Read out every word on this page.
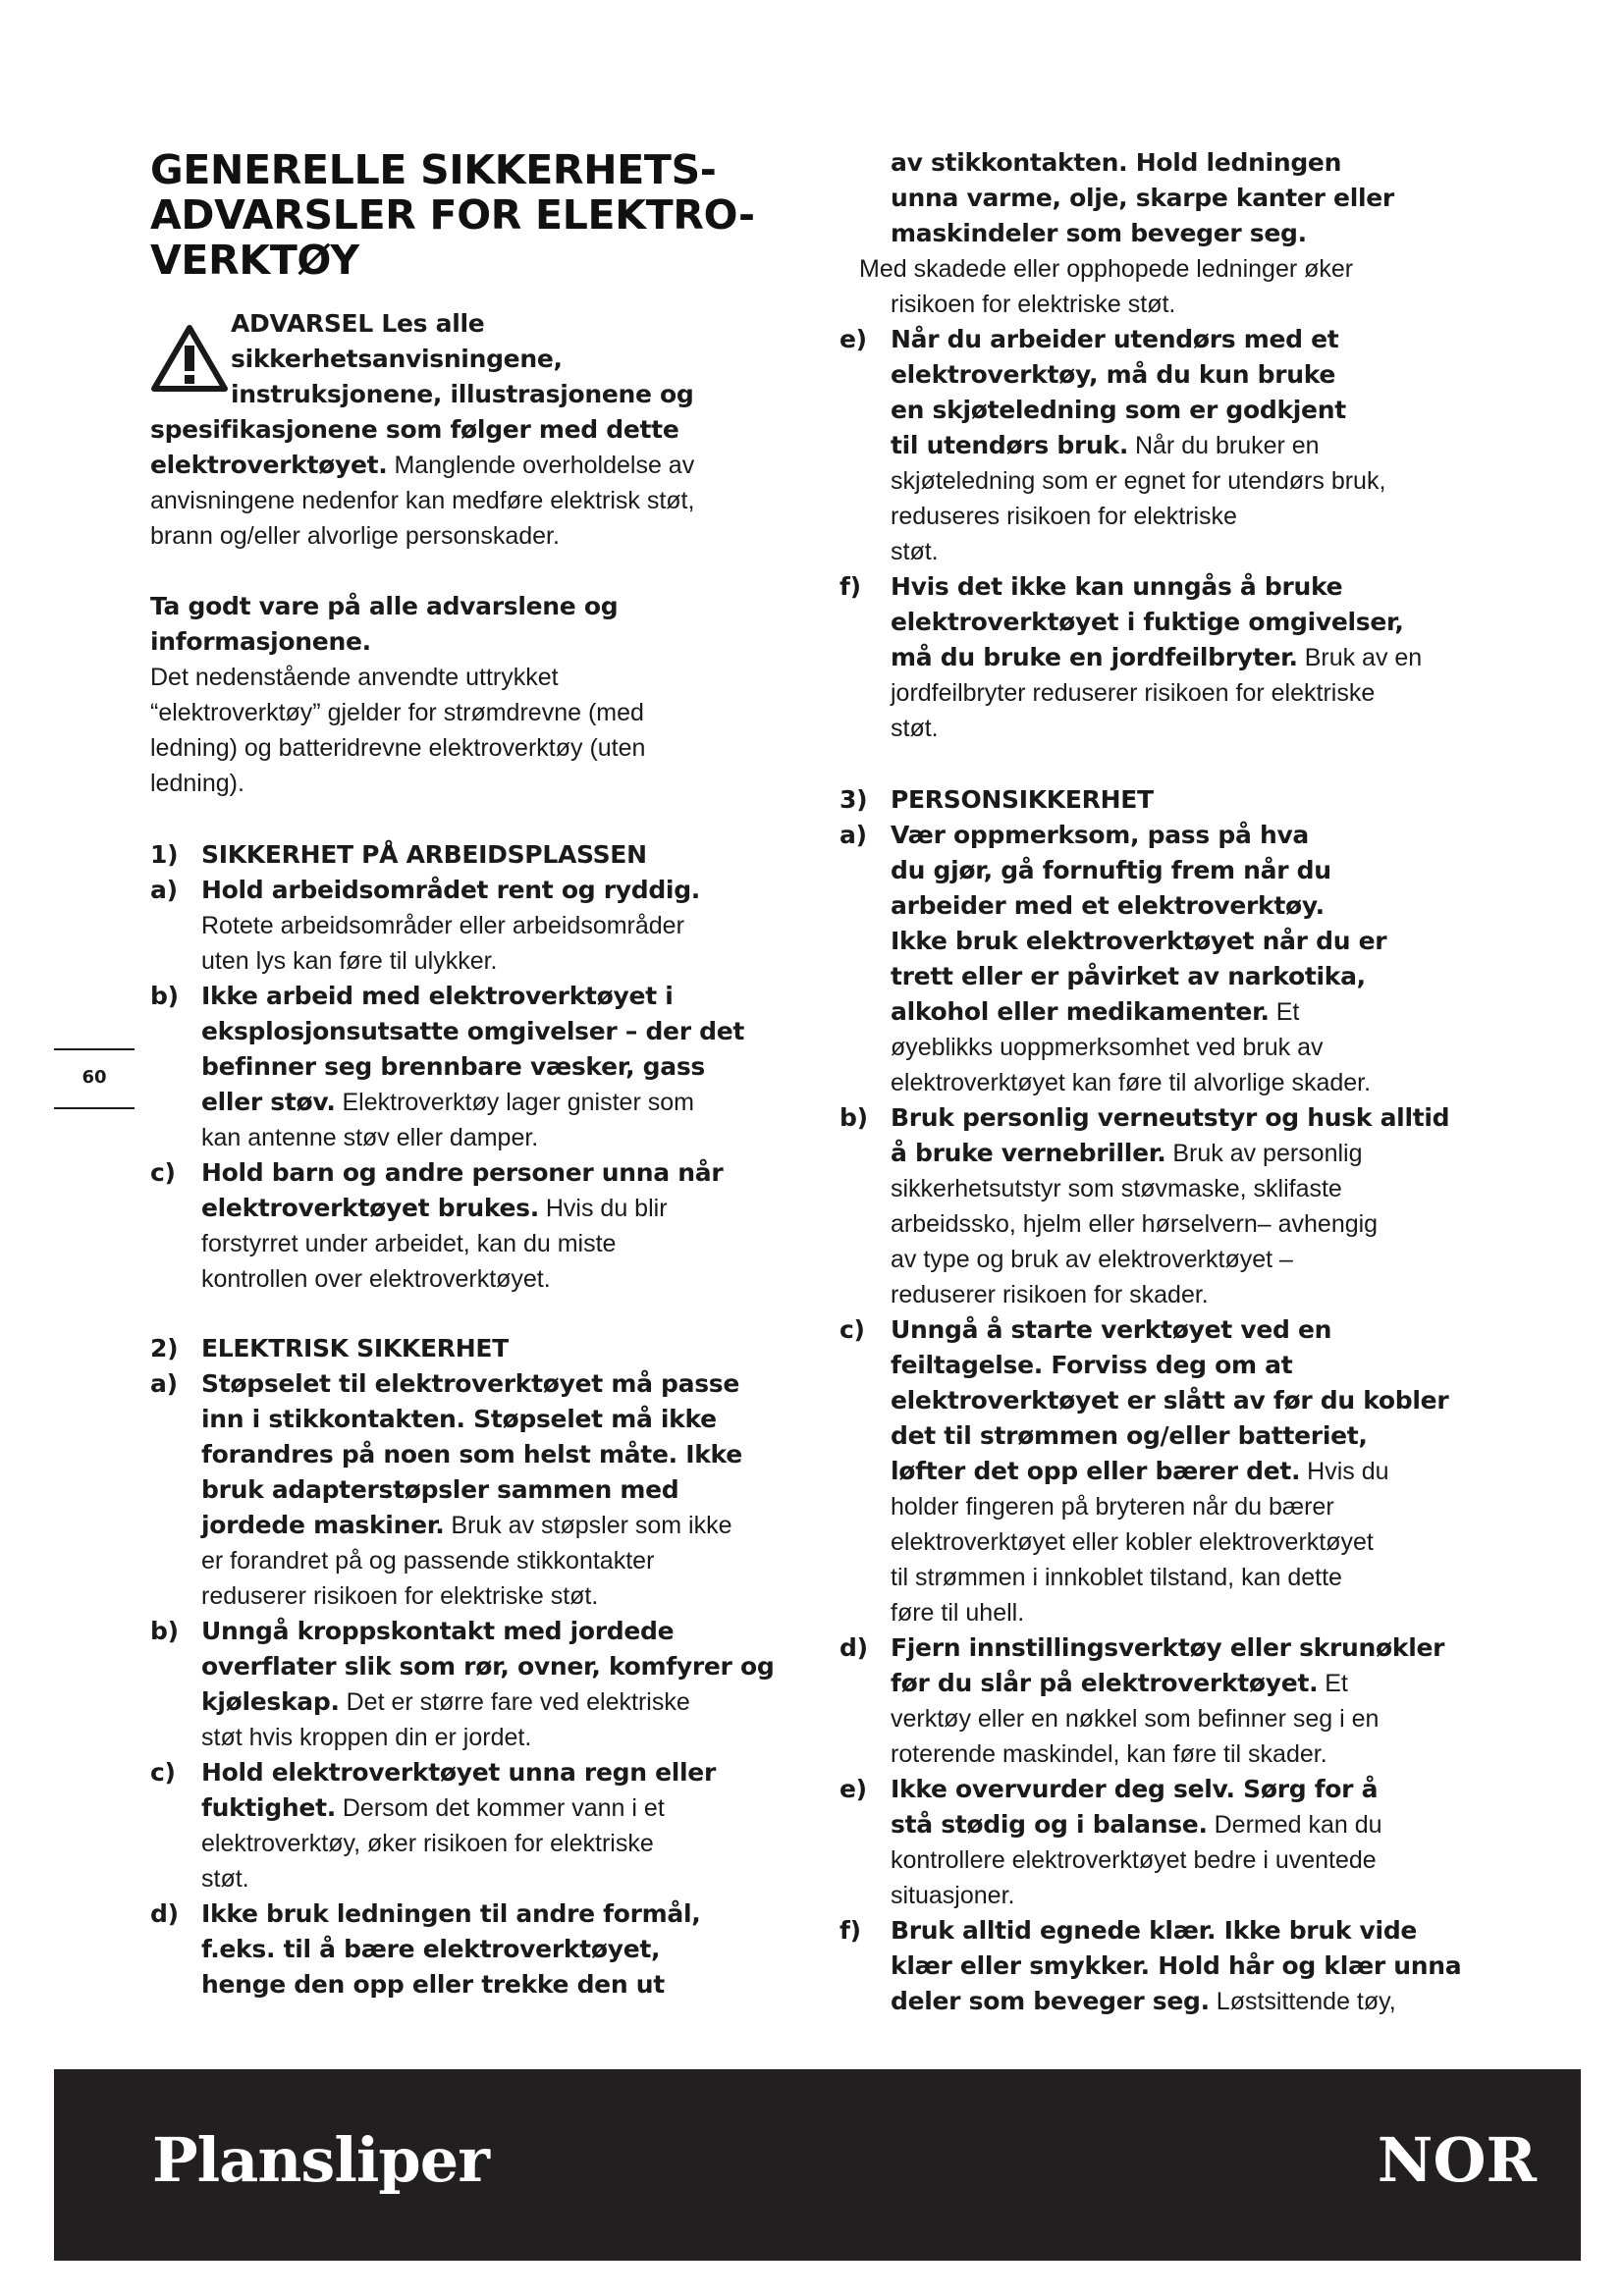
GENERELLE SIKKERHETS-
ADVARSLER FOR ELEKTRO-
VERKTØY
ADVARSEL Les alle
sikkerhetsanvisningene,
instruksjonene, illustrasjonene og
spesifikasjonene som følger med dette
elektroverktøyet. Manglende overholdelse av
anvisningene nedenfor kan medføre elektrisk støt,
brann og/eller alvorlige personskader.
Ta godt vare på alle advarslene og
informasjonene.
Det nedenstående anvendte uttrykket
“elektroverktøy” gjelder for strømdrevne (med
ledning) og batteridrevne elektroverktøy (uten
ledning).
1) SIKKERHET PÅ ARBEIDSPLASSEN
a) Hold arbeidsområdet rent og ryddig.
Rotete arbeidsområder eller arbeidsområder
uten lys kan føre til ulykker.
b) Ikke arbeid med elektroverktøyet i
eksplosjonsutsatte omgivelser – der det
befinner seg brennbare væsker, gass
eller støv. Elektroverktøy lager gnister som
kan antenne støv eller damper.
c) Hold barn og andre personer unna når
elektroverktøyet brukes. Hvis du blir
forstyrret under arbeidet, kan du miste
kontrollen over elektroverktøyet.
2) ELEKTRISK SIKKERHET
a) Støpselet til elektroverktøyet må passe
inn i stikkontakten. Støpselet må ikke
forandres på noen som helst måte. Ikke
bruk adapterstøpsler sammen med
jordede maskiner. Bruk av støpsler som ikke
er forandret på og passende stikkontakter
reduserer risikoen for elektriske støt.
b) Unngå kroppskontakt med jordede
overflater slik som rør, ovner, komfyrer og
kjøleskap. Det er større fare ved elektriske
støt hvis kroppen din er jordet.
c) Hold elektroverktøyet unna regn eller
fuktighet. Dersom det kommer vann i et
elektroverktøy, øker risikoen for elektriske
støt.
d) Ikke bruk ledningen til andre formål,
f.eks. til å bære elektroverktøyet,
henge den opp eller trekke den ut
av stikkontakten. Hold ledningen
unna varme, olje, skarpe kanter eller
maskindeler som beveger seg.
Med skadede eller opphopede ledninger øker
risikoen for elektriske støt.
e) Når du arbeider utendørs med et
elektroverktøy, må du kun bruke
en skjøteledning som er godkjent
til utendørs bruk. Når du bruker en
skjøteledning som er egnet for utendørs bruk,
reduseres risikoen for elektriske
støt.
f) Hvis det ikke kan unngås å bruke
elektroverktøyet i fuktige omgivelser,
må du bruke en jordfeilbryter. Bruk av en
jordfeilbryter reduserer risikoen for elektriske
støt.
3) PERSONSIKKERHET
a) Vær oppmerksom, pass på hva
du gjør, gå fornuftig frem når du
arbeider med et elektroverktøy.
Ikke bruk elektroverktøyet når du er
trett eller er påvirket av narkotika,
alkohol eller medikamenter. Et
øyeblikks uoppmerksomhet ved bruk av
elektroverktøyet kan føre til alvorlige skader.
b) Bruk personlig verneutstyr og husk alltid
å bruke vernebriller. Bruk av personlig
sikkerhetsutstyr som støvmaske, sklifaste
arbeidssko, hjelm eller hørselvern– avhengig
av type og bruk av elektroverktøyet –
reduserer risikoen for skader.
c) Unngå å starte verktøyet ved en
feiltagelse. Forviss deg om at
elektroverktøyet er slått av før du kobler
det til strømmen og/eller batteriet,
løfter det opp eller bærer det. Hvis du
holder fingeren på bryteren når du bærer
elektroverktøyet eller kobler elektroverktøyet
til strømmen i innkoblet tilstand, kan dette
føre til uhell.
d) Fjern innstillingsverktøy eller skrunøkler
før du slår på elektroverktøyet. Et
verktøy eller en nøkkel som befinner seg i en
roterende maskindel, kan føre til skader.
e) Ikke overvurder deg selv. Sørg for å
stå stødig og i balanse. Dermed kan du
kontrollere elektroverktøyet bedre i uventede
situasjoner.
f) Bruk alltid egnede klær. Ikke bruk vide
klær eller smykker. Hold hår og klær unna
deler som beveger seg. Løstsittende tøy,
60
Plansliper	NOR
